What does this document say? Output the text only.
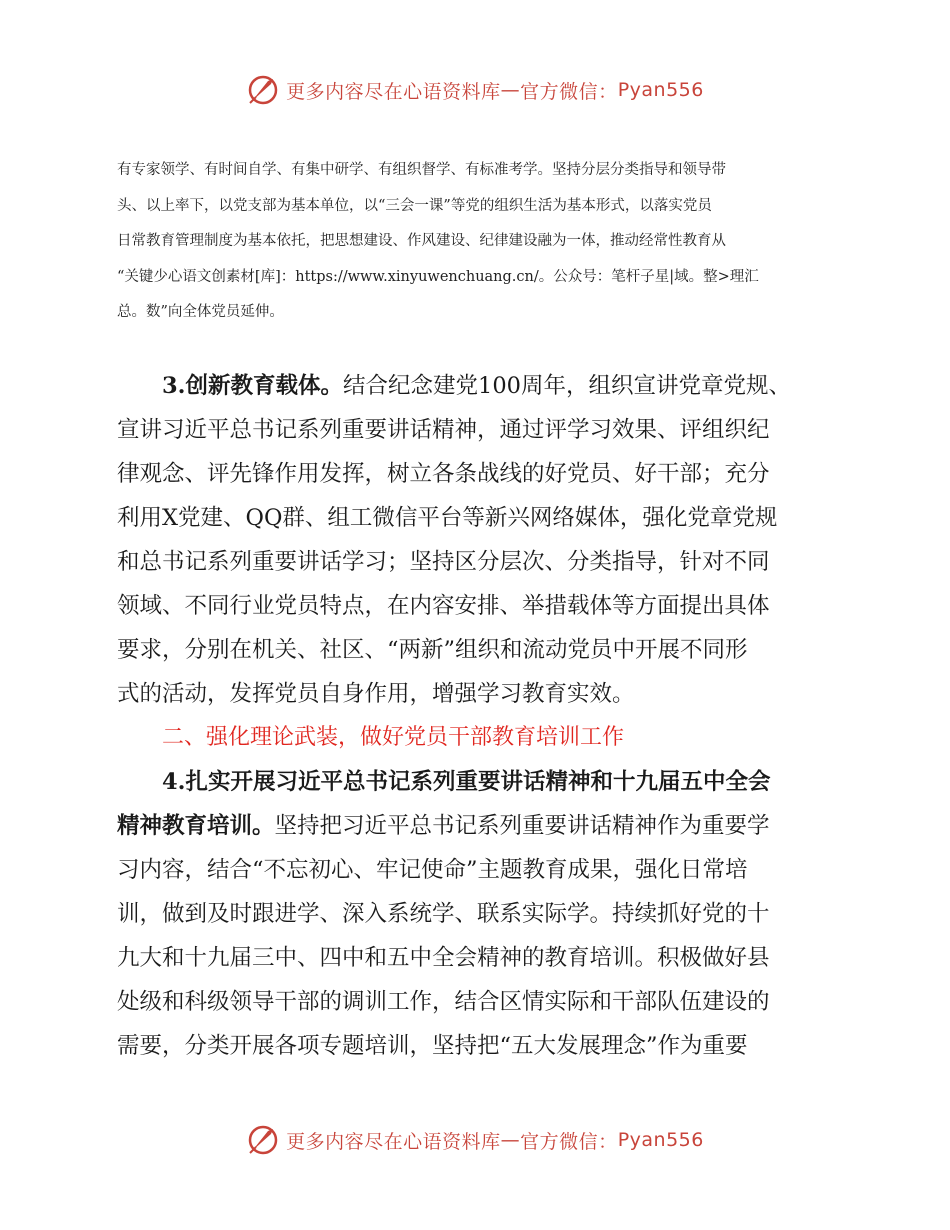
更多内容尽在心语资料库 — 官方微信： Pyan556

有专家领学、有时间自学、有集中研学、有组织督学、有标准考学。坚持分层分类指导和领导带

头、以上率下，以党支部为基本单位，以“三会一课”等党的组织生活为基本形式，以落实党员

日常教育管理制度为基本依托，把思想建设、作风建设、纪律建设融为一体，推动经常性教育从

“关键少心语文创素材[库]：https://www.xinyuwenchuang.cn/。公众号：笔杆子星|域。整>理汇

总。数”向全体党员延伸。

3.创新教育载体。结合纪念建党100周年，组织宣讲党章党规、

宣讲习近平总书记系列重要讲话精神，通过评学习效果、评组织纪

律观念、评先锋作用发挥，树立各条战线的好党员、好干部；充分

利用X党建、QQ群、组工微信平台等新兴网络媒体，强化党章党规

和总书记系列重要讲话学习；坚持区分层次、分类指导，针对不同

领域、不同行业党员特点，在内容安排、举措载体等方面提出具体

要求，分别在机关、社区、“两新”组织和流动党员中开展不同形

式的活动，发挥党员自身作用，增强学习教育实效。

二、强化理论武装，做好党员干部教育培训工作

4.扎实开展习近平总书记系列重要讲话精神和十九届五中全会

精神教育培训。坚持把习近平总书记系列重要讲话精神作为重要学

习内容，结合“不忘初心、牢记使命”主题教育成果，强化日常培

训，做到及时跟进学、深入系统学、联系实际学。持续抓好党的十

九大和十九届三中、四中和五中全会精神的教育培训。积极做好县

处级和科级领导干部的调训工作，结合区情实际和干部队伍建设的

需要，分类开展各项专题培训，坚持把“五大发展理念”作为重要

更多内容尽在心语资料库 — 官方微信： Pyan556
